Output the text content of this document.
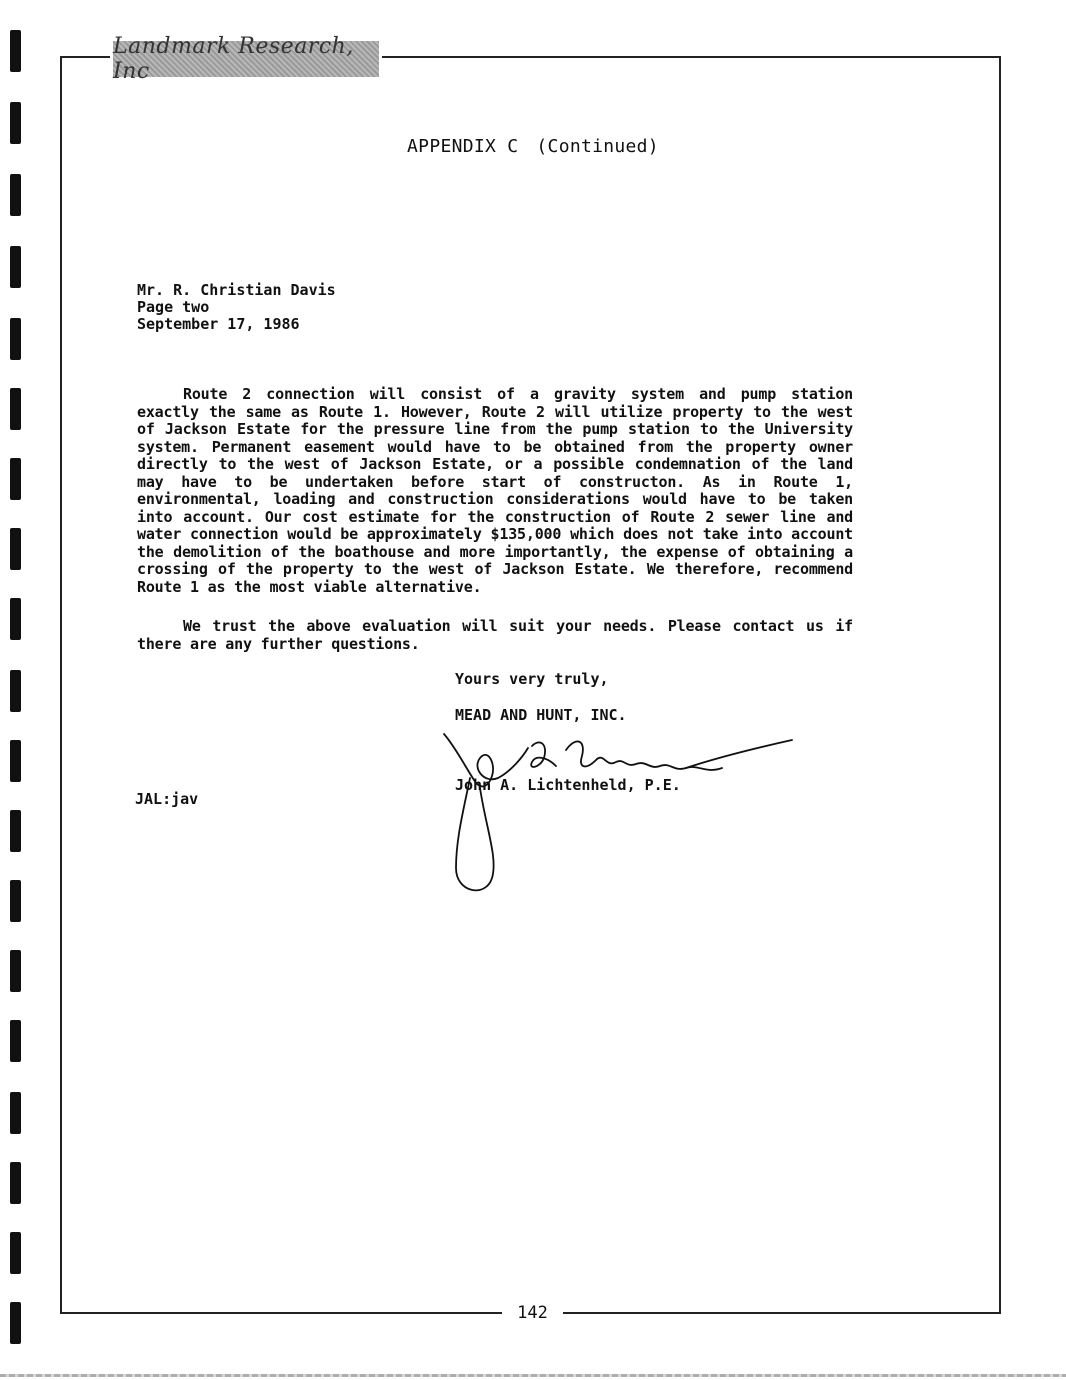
Landmark Research, Inc
APPENDIX C (Continued)
Mr. R. Christian Davis
Page two
September 17, 1986
Route 2 connection will consist of a gravity system and pump station exactly the same as Route 1. However, Route 2 will utilize property to the west of Jackson Estate for the pressure line from the pump station to the University system. Permanent easement would have to be obtained from the property owner directly to the west of Jackson Estate, or a possible condemnation of the land may have to be undertaken before start of constructon. As in Route 1, environmental, loading and construction considerations would have to be taken into account. Our cost estimate for the construction of Route 2 sewer line and water connection would be approximately $135,000 which does not take into account the demolition of the boathouse and more importantly, the expense of obtaining a crossing of the property to the west of Jackson Estate. We therefore, recommend Route 1 as the most viable alternative.
We trust the above evaluation will suit your needs. Please contact us if there are any further questions.
Yours very truly,
MEAD AND HUNT, INC.
John A. Lichtenheld, P.E.
JAL:jav
142
